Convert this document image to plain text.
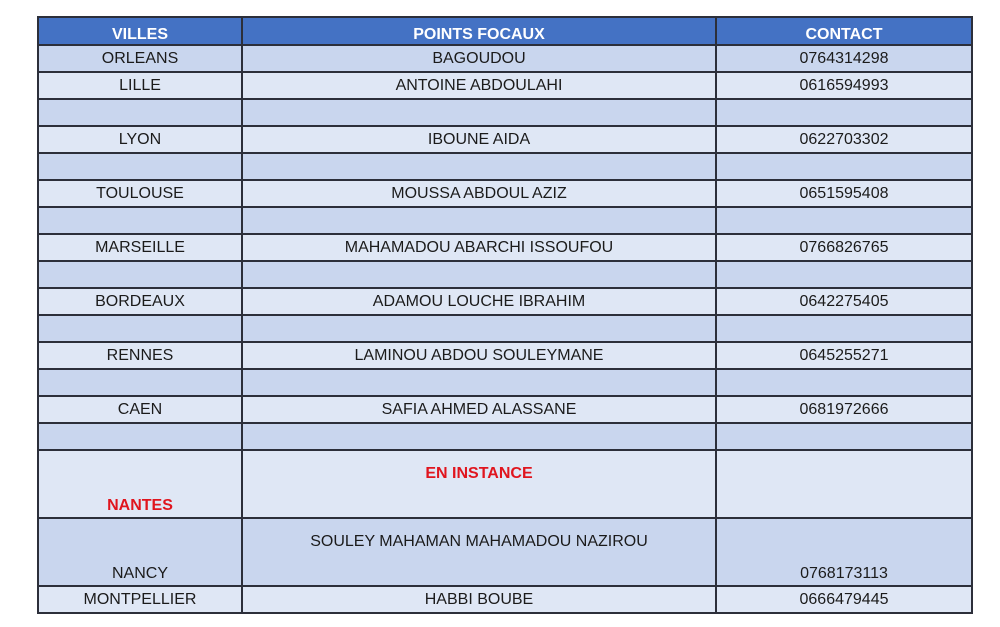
VILLES	POINTS FOCAUX	CONTACT
ORLEANS	BAGOUDOU	0764314298
LILLE	ANTOINE ABDOULAHI	0616594993

LYON	IBOUNE AIDA	0622703302

TOULOUSE	MOUSSA ABDOUL AZIZ	0651595408

MARSEILLE	MAHAMADOU ABARCHI ISSOUFOU	0766826765

BORDEAUX	ADAMOU LOUCHE IBRAHIM	0642275405

RENNES	LAMINOU ABDOU SOULEYMANE	0645255271

CAEN	SAFIA AHMED ALASSANE	0681972666

NANTES	EN INSTANCE	
NANCY	SOULEY MAHAMAN MAHAMADOU NAZIROU	0768173113
MONTPELLIER	HABBI BOUBE	0666479445
